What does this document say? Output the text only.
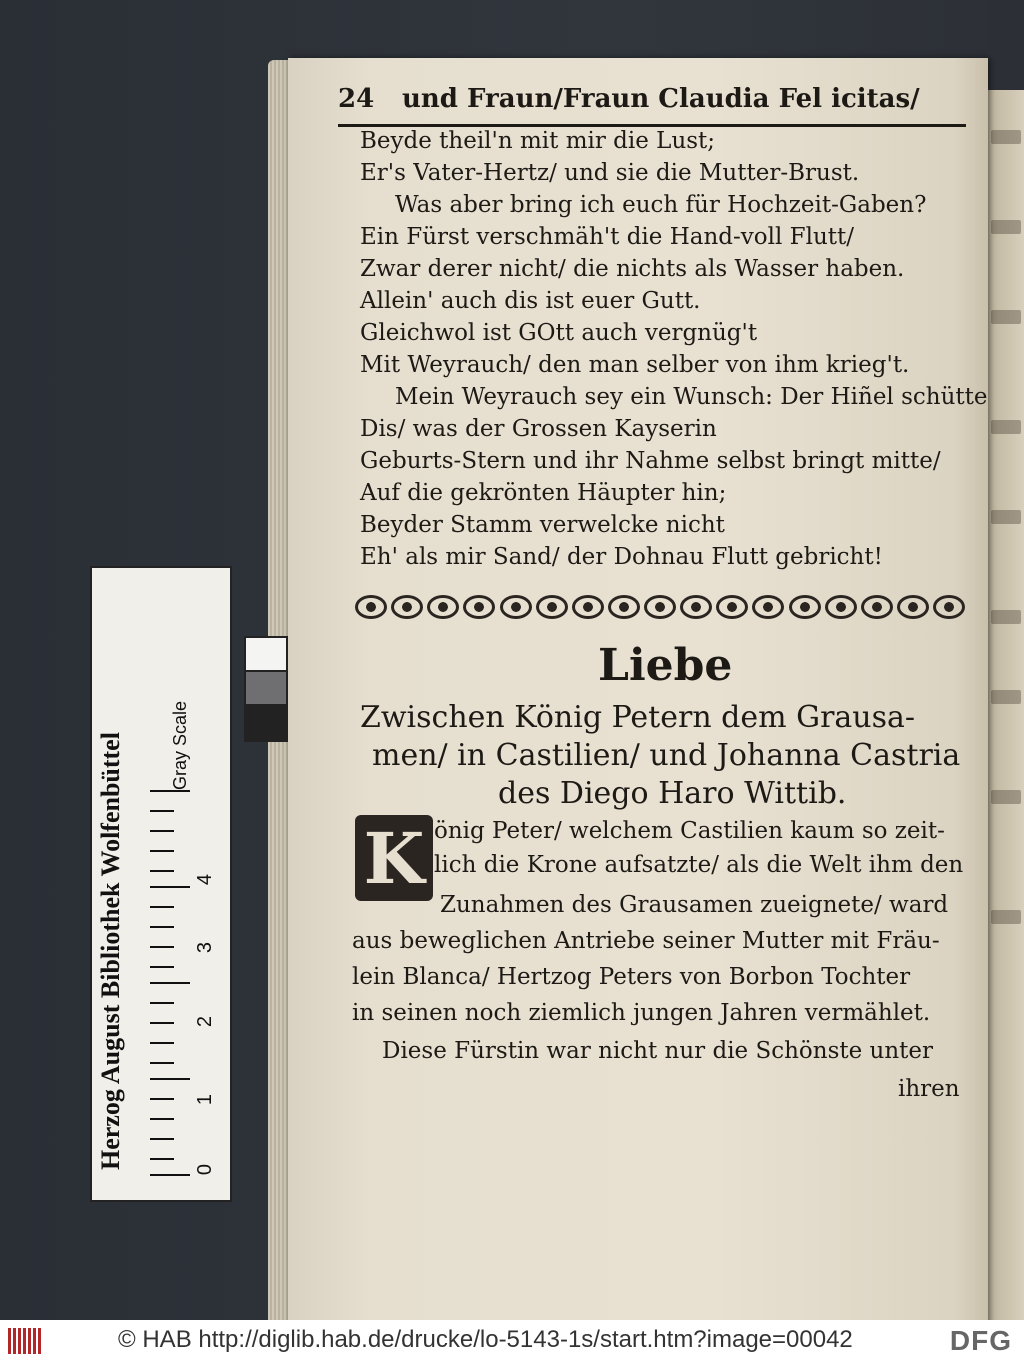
24 und Fraun/Fraun Claudia Fel icitas/
Beyde theil'n mit mir die Lust;
Er's Vater-Hertz/ und sie die Mutter-Brust.
Was aber bring ich euch für Hochzeit-Gaben?
Ein Fürst verschmäh't die Hand-voll Flutt/
Zwar derer nicht/ die nichts als Wasser haben.
Allein' auch dis ist euer Gutt.
Gleichwol ist GOtt auch vergnüg't
Mit Weyrauch/ den man selber von ihm krieg't.
Mein Weyrauch sey ein Wunsch: Der Hiñel schütte
Dis/ was der Grossen Kayserin
Geburts-Stern und ihr Nahme selbst bringt mitte/
Auf die gekrönten Häupter hin;
Beyder Stamm verwelcke nicht
Eh' als mir Sand/ der Dohnau Flutt gebricht!
Liebe
Zwischen König Petern dem Grausa-
men/ in Castilien/ und Johanna Castria
des Diego Haro Wittib.
K önig Peter/ welchem Castilien kaum so zeit-
lich die Krone aufsatzte/ als die Welt ihm den
Zunahmen des Grausamen zueignete/ ward
aus beweglichen Antriebe seiner Mutter mit Fräu-
lein Blanca/ Hertzog Peters von Borbon Tochter
in seinen noch ziemlich jungen Jahren vermählet.
Diese Fürstin war nicht nur die Schönste unter
ihren
Herzog August Bibliothek Wolfenbüttel	Gray Scale
4
3
2
1
0
© HAB http://diglib.hab.de/drucke/lo-5143-1s/start.htm?image=00042	DFG
